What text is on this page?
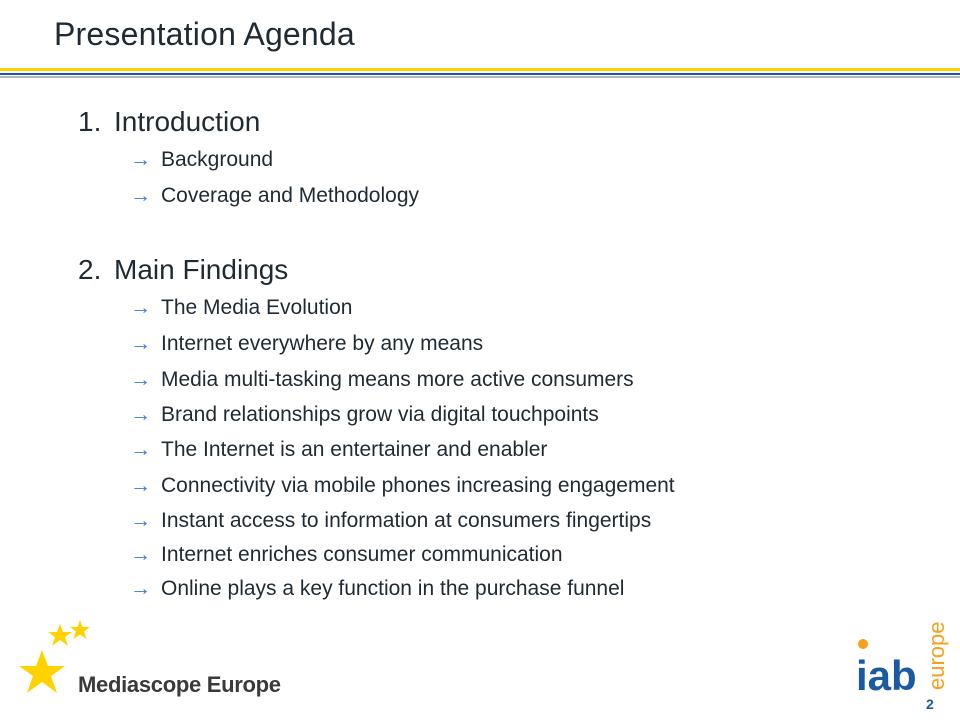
Presentation Agenda
1. Introduction
→ Background
→ Coverage and Methodology
2. Main Findings
→ The Media Evolution
→ Internet everywhere by any means
→ Media multi-tasking means more active consumers
→ Brand relationships grow via digital touchpoints
→ The Internet is an entertainer and enabler
→ Connectivity via mobile phones increasing engagement
→ Instant access to information at consumers fingertips
→ Internet enriches consumer communication
→ Online plays a key function in the purchase funnel
Mediascope Europe	iab europe
2
